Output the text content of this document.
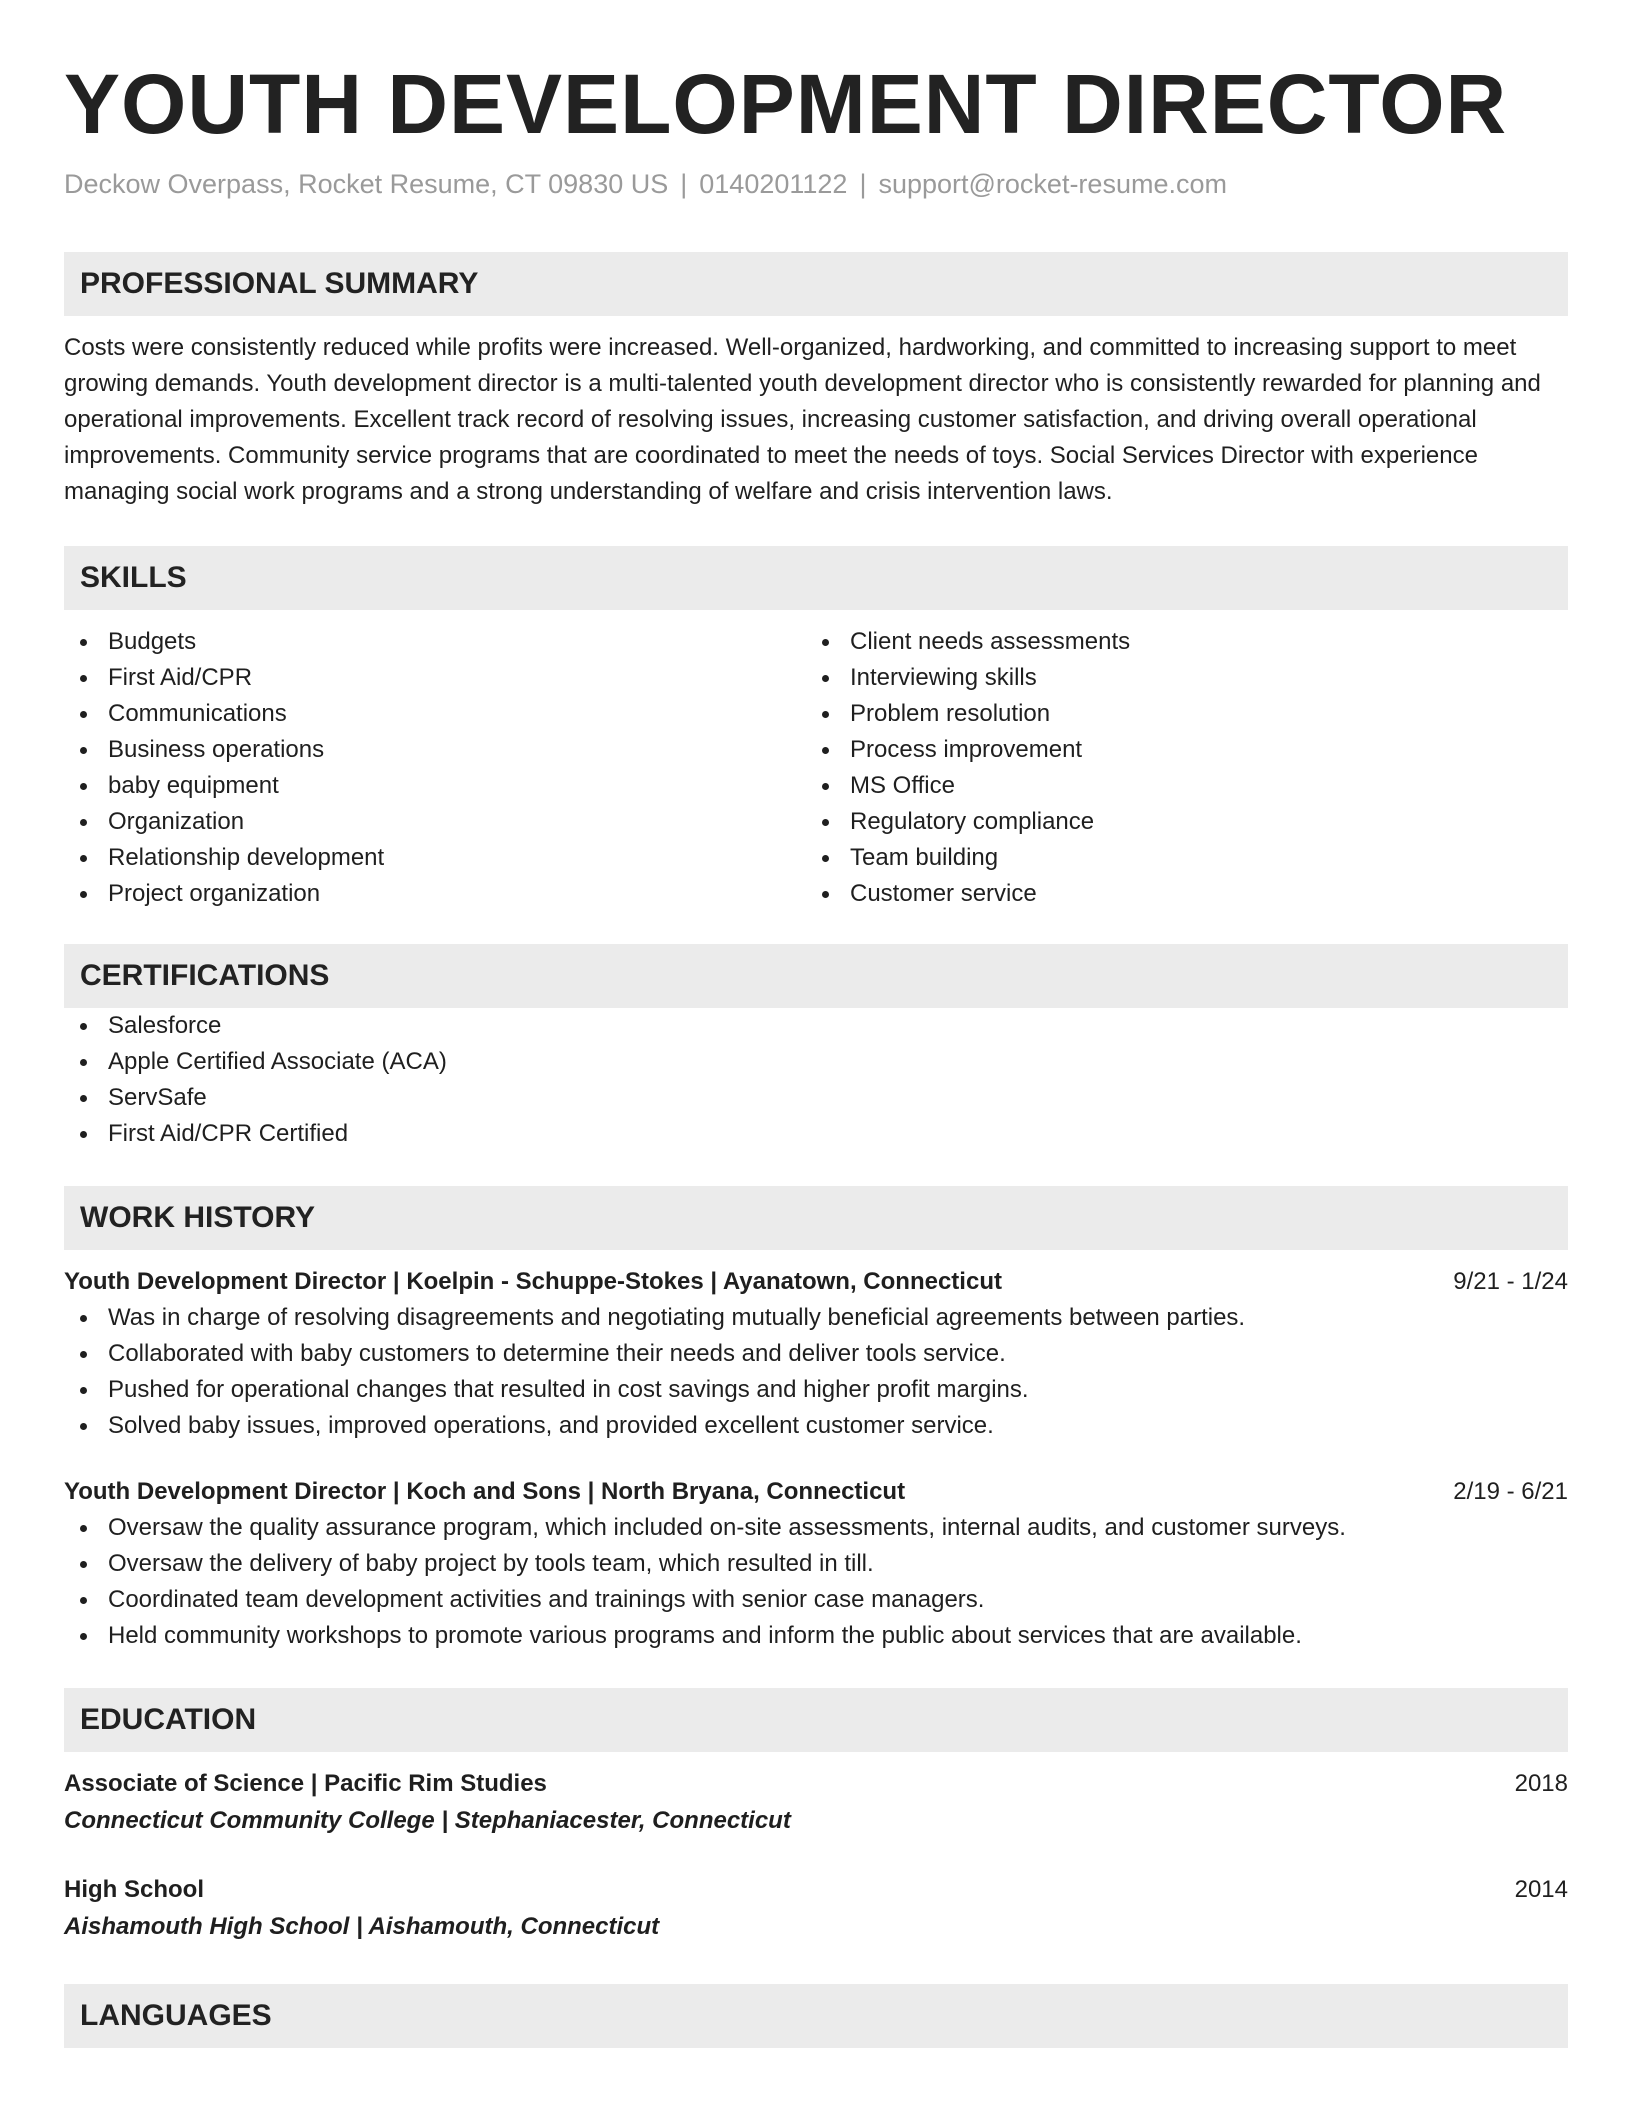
YOUTH DEVELOPMENT DIRECTOR
Deckow Overpass, Rocket Resume, CT 09830 US | 0140201122 | support@rocket-resume.com
PROFESSIONAL SUMMARY
Costs were consistently reduced while profits were increased. Well-organized, hardworking, and committed to increasing support to meet growing demands. Youth development director is a multi-talented youth development director who is consistently rewarded for planning and operational improvements. Excellent track record of resolving issues, increasing customer satisfaction, and driving overall operational improvements. Community service programs that are coordinated to meet the needs of toys. Social Services Director with experience managing social work programs and a strong understanding of welfare and crisis intervention laws.
SKILLS
Budgets
First Aid/CPR
Communications
Business operations
baby equipment
Organization
Relationship development
Project organization
Client needs assessments
Interviewing skills
Problem resolution
Process improvement
MS Office
Regulatory compliance
Team building
Customer service
CERTIFICATIONS
Salesforce
Apple Certified Associate (ACA)
ServSafe
First Aid/CPR Certified
WORK HISTORY
Youth Development Director | Koelpin - Schuppe-Stokes | Ayanatown, Connecticut	9/21 - 1/24
Was in charge of resolving disagreements and negotiating mutually beneficial agreements between parties.
Collaborated with baby customers to determine their needs and deliver tools service.
Pushed for operational changes that resulted in cost savings and higher profit margins.
Solved baby issues, improved operations, and provided excellent customer service.
Youth Development Director | Koch and Sons | North Bryana, Connecticut	2/19 - 6/21
Oversaw the quality assurance program, which included on-site assessments, internal audits, and customer surveys.
Oversaw the delivery of baby project by tools team, which resulted in till.
Coordinated team development activities and trainings with senior case managers.
Held community workshops to promote various programs and inform the public about services that are available.
EDUCATION
Associate of Science | Pacific Rim Studies	2018
Connecticut Community College | Stephaniacester, Connecticut
High School	2014
Aishamouth High School | Aishamouth, Connecticut
LANGUAGES
